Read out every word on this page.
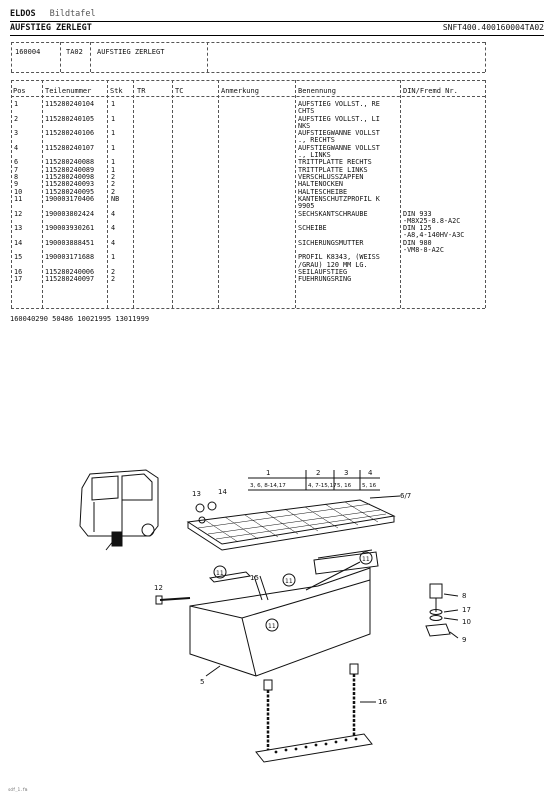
ELDOS Bildtafel
AUFSTIEG ZERLEGT	SNFT400.400160004TA02
160004	TA02 AUFSTIEG ZERLEGT
Pos	Teilenummer	Stk TR	TC	Anmerkung	Benennung	DIN/Fremd Nr.
1	115280240104 1	AUFSTIEG VOLLST., RE
CHTS
2	115280240105 1	AUFSTIEG VOLLST., LI
NKS
3	115280240106 1	AUFSTIEGWANNE VOLLST
., RECHTS
4	115280240107 1	AUFSTIEGWANNE VOLLST
., LINKS
6	115280240088 1	TRITTPLATTE RECHTS
7	115280240089 1	TRITTPLATTE LINKS
8	115280240098 2	VERSCHLUSSZAPFEN
9	115280240093 2	HALTENOCKEN
10	115280240095 2	HALTESCHEIBE
11	190003170406 NB	KANTENSCHUTZPROFIL K
9905
12	190003802424 4	SECHSKANTSCHRAUBE	DIN 933
-M8X25-8.8-A2C
13	190003930261 4	SCHEIBE	DIN 125
-A8,4-140HV-A3C
14	190003888451 4	SICHERUNGSMUTTER	DIN 980
-VM8-8-A2C
15	190003171688 1	PROFIL K8343, (WEISS
/GRAU) 120 MM LG.
16	115280240006 2	SEILAUFSTIEG
17	115280240097 2	FUEHRUNGSRING
160040290 50486 10021995 13011999
1
3, 6, 8-14,17
2
4, 7-15,17
3
5, 16
4
5, 16
6/7
13 14
11
11
11
11
12
15
8
17
10
9
16
5
sdf_1.fm
